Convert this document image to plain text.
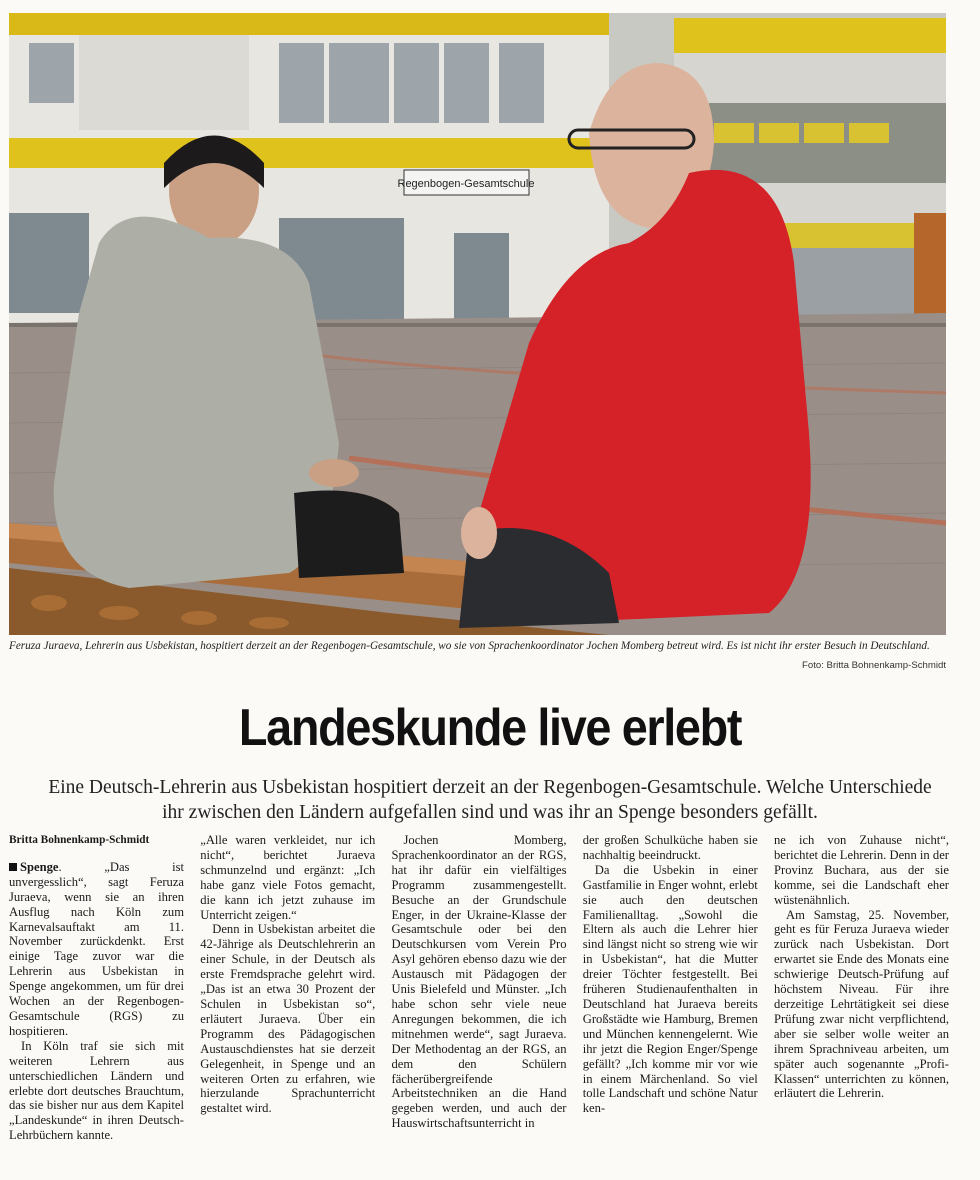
Regenbogen-Gesamtschule
Feruza Juraeva, Lehrerin aus Usbekistan, hospitiert derzeit an der Regenbogen-Gesamtschule, wo sie von Sprachenkoordinator Jochen Momberg betreut wird. Es ist nicht ihr erster Besuch in Deutschland.
Foto: Britta Bohnenkamp-Schmidt
Landeskunde live erlebt
Eine Deutsch-Lehrerin aus Usbekistan hospitiert derzeit an der Regenbogen-Gesamtschule. Welche Unterschiede ihr zwischen den Ländern aufgefallen sind und was ihr an Spenge besonders gefällt.
Britta Bohnenkamp-Schmidt

Spenge. „Das ist unvergesslich“, sagt Feruza Juraeva, wenn sie an ihren Ausflug nach Köln zum Karnevalsauftakt am 11. November zurückdenkt. Erst einige Tage zuvor war die Lehrerin aus Usbekistan in Spenge angekommen, um für drei Wochen an der Regenbogen-Gesamtschule (RGS) zu hospitieren.

In Köln traf sie sich mit weiteren Lehrern aus unterschiedlichen Ländern und erlebte dort deutsches Brauchtum, das sie bisher nur aus dem Kapitel „Landeskunde“ in ihren Deutsch-Lehrbüchern kannte.

„Alle waren verkleidet, nur ich nicht“, berichtet Juraeva schmunzelnd und ergänzt: „Ich habe ganz viele Fotos gemacht, die kann ich jetzt zuhause im Unterricht zeigen.“

Denn in Usbekistan arbeitet die 42-Jährige als Deutschlehrerin an einer Schule, in der Deutsch als erste Fremdsprache gelehrt wird. „Das ist an etwa 30 Prozent der Schulen in Usbekistan so“, erläutert Juraeva. Über ein Programm des Pädagogischen Austauschdienstes hat sie derzeit Gelegenheit, in Spenge und an weiteren Orten zu erfahren, wie hierzulande Sprachunterricht gestaltet wird.

Jochen Momberg, Sprachenkoordinator an der RGS, hat ihr dafür ein vielfältiges Programm zusammengestellt. Besuche an der Grundschule Enger, in der Ukraine-Klasse der Gesamtschule oder bei den Deutschkursen vom Verein Pro Asyl gehören ebenso dazu wie der Austausch mit Pädagogen der Unis Bielefeld und Münster. „Ich habe schon sehr viele neue Anregungen bekommen, die ich mitnehmen werde“, sagt Juraeva. Der Methodentag an der RGS, an dem den Schülern fächerübergreifende Arbeitstechniken an die Hand gegeben werden, und auch der Hauswirtschaftsunterricht in

der großen Schulküche haben sie nachhaltig beeindruckt.

Da die Usbekin in einer Gastfamilie in Enger wohnt, erlebt sie auch den deutschen Familienalltag. „Sowohl die Eltern als auch die Lehrer hier sind längst nicht so streng wie wir in Usbekistan“, hat die Mutter dreier Töchter festgestellt. Bei früheren Studienaufenthalten in Deutschland hat Juraeva bereits Großstädte wie Hamburg, Bremen und München kennengelernt. Wie ihr jetzt die Region Enger/Spenge gefällt? „Ich komme mir vor wie in einem Märchenland. So viel tolle Landschaft und schöne Natur ken-

ne ich von Zuhause nicht“, berichtet die Lehrerin. Denn in der Provinz Buchara, aus der sie komme, sei die Landschaft eher wüstenähnlich.

Am Samstag, 25. November, geht es für Feruza Juraeva wieder zurück nach Usbekistan. Dort erwartet sie Ende des Monats eine schwierige Deutsch-Prüfung auf höchstem Niveau. Für ihre derzeitige Lehrtätigkeit sei diese Prüfung zwar nicht verpflichtend, aber sie selber wolle weiter an ihrem Sprachniveau arbeiten, um später auch sogenannte „Profi-Klassen“ unterrichten zu können, erläutert die Lehrerin.
